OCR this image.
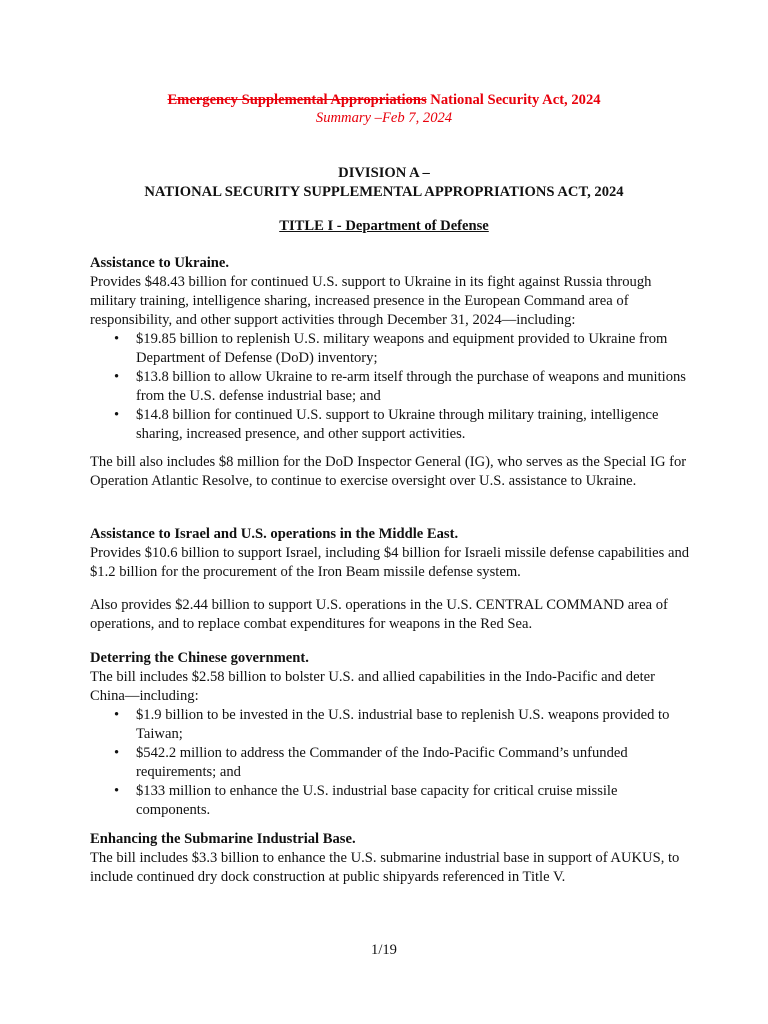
Emergency Supplemental Appropriations National Security Act, 2024
Summary –Feb 7, 2024
DIVISION A –
NATIONAL SECURITY SUPPLEMENTAL APPROPRIATIONS ACT, 2024
TITLE I - Department of Defense
Assistance to Ukraine.

Provides $48.43 billion for continued U.S. support to Ukraine in its fight against Russia through military training, intelligence sharing, increased presence in the European Command area of responsibility, and other support activities through December 31, 2024—including:

• $19.85 billion to replenish U.S. military weapons and equipment provided to Ukraine from Department of Defense (DoD) inventory;
• $13.8 billion to allow Ukraine to re-arm itself through the purchase of weapons and munitions from the U.S. defense industrial base; and
• $14.8 billion for continued U.S. support to Ukraine through military training, intelligence sharing, increased presence, and other support activities.

The bill also includes $8 million for the DoD Inspector General (IG), who serves as the Special IG for Operation Atlantic Resolve, to continue to exercise oversight over U.S. assistance to Ukraine.

Assistance to Israel and U.S. operations in the Middle East.

Provides $10.6 billion to support Israel, including $4 billion for Israeli missile defense capabilities and $1.2 billion for the procurement of the Iron Beam missile defense system.

Also provides $2.44 billion to support U.S. operations in the U.S. CENTRAL COMMAND area of operations, and to replace combat expenditures for weapons in the Red Sea.

Deterring the Chinese government.

The bill includes $2.58 billion to bolster U.S. and allied capabilities in the Indo-Pacific and deter China—including:

• $1.9 billion to be invested in the U.S. industrial base to replenish U.S. weapons provided to Taiwan;
• $542.2 million to address the Commander of the Indo-Pacific Command’s unfunded requirements; and
• $133 million to enhance the U.S. industrial base capacity for critical cruise missile components.
Enhancing the Submarine Industrial Base.

The bill includes $3.3 billion to enhance the U.S. submarine industrial base in support of AUKUS, to include continued dry dock construction at public shipyards referenced in Title V.

1/19
